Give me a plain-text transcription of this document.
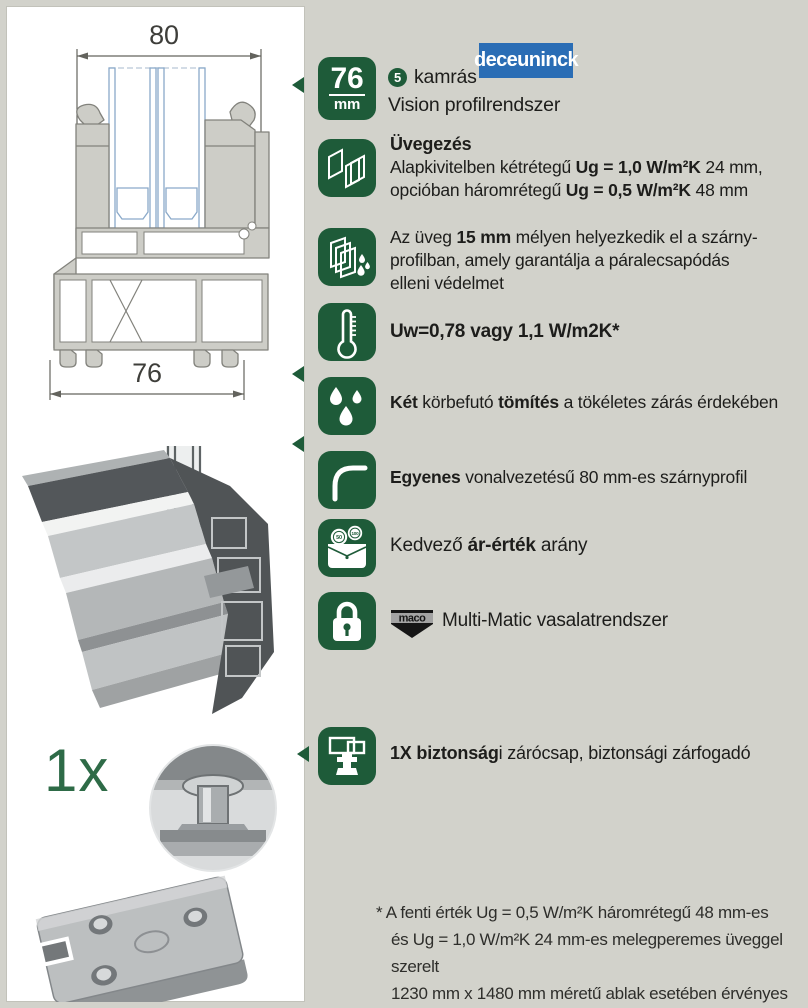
80
76
1x
76
mm
5 kamrás
Vision profilrendszer
deceuninck
Üvegezés
Alapkivitelben kétrétegű Ug = 1,0 W/m²K 24 mm,
opcióban háromrétegű Ug = 0,5 W/m²K 48 mm
Az üveg 15 mm mélyen helyezkedik el a szárny-
profilban, amely garantálja a páralecsapódás
elleni védelmet
Uw=0,78 vagy 1,1 W/m2K*
Két körbefutó tömítés a tökéletes zárás érdekében
Egyenes vonalvezetésű 80 mm-es szárnyprofil
50
100
Kedvező ár-érték arány
maco Multi-Matic vasalatrendszer
1X biztonsági zárócsap, biztonsági zárfogadó
* A fenti érték Ug = 0,5 W/m²K háromrétegű 48 mm-es
és Ug = 1,0 W/m²K 24 mm-es melegperemes üveggel szerelt
1230 mm x 1480 mm méretű ablak esetében érvényes
